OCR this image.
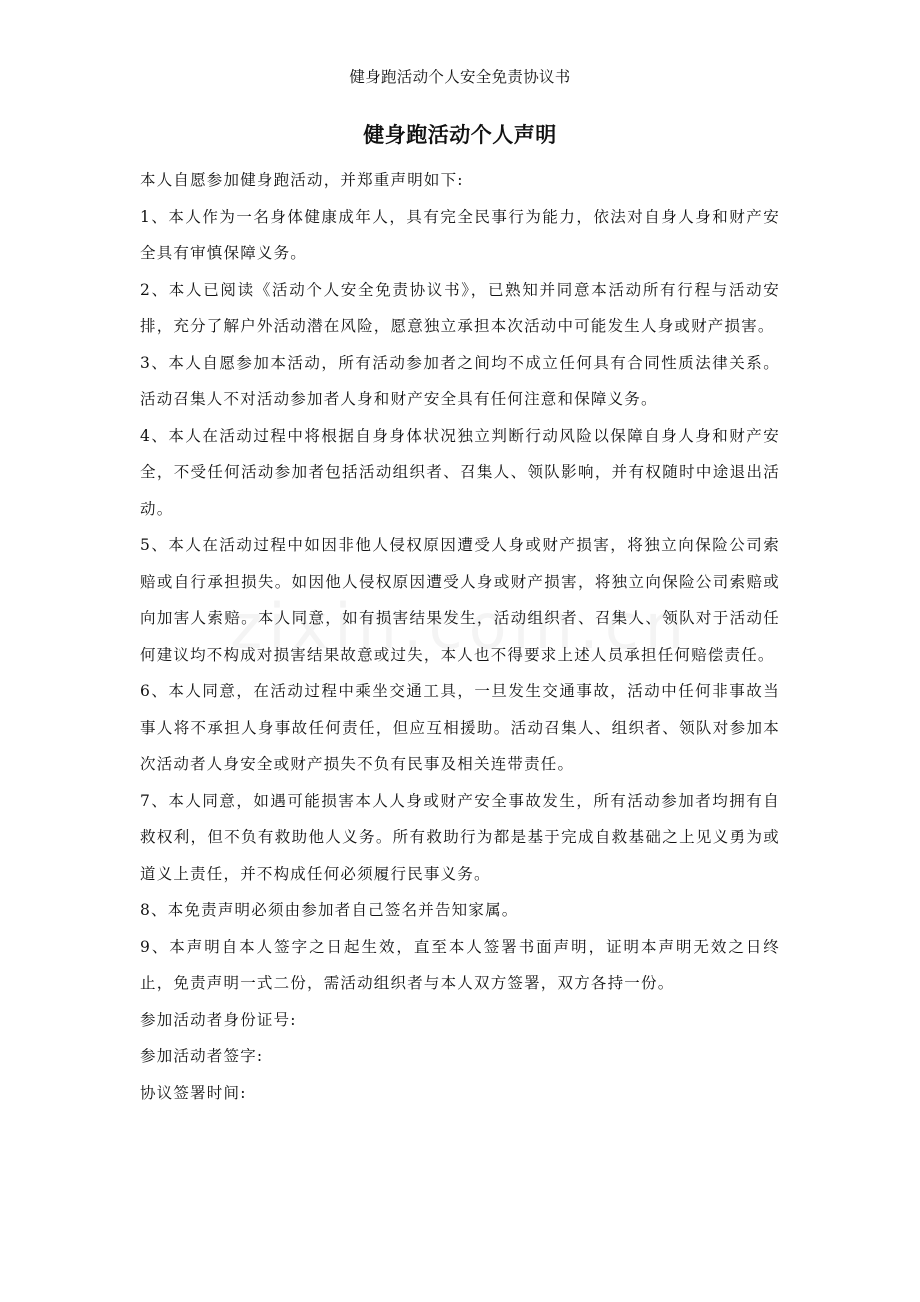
健身跑活动个人安全免责协议书
健身跑活动个人声明

本人自愿参加健身跑活动，并郑重声明如下:

1、本人作为一名身体健康成年人，具有完全民事行为能力，依法对自身人身和财产安全具有审慎保障义务。

2、本人已阅读《活动个人安全免责协议书》，已熟知并同意本活动所有行程与活动安排，充分了解户外活动潜在风险，愿意独立承担本次活动中可能发生人身或财产损害。

3、本人自愿参加本活动，所有活动参加者之间均不成立任何具有合同性质法律关系。活动召集人不对活动参加者人身和财产安全具有任何注意和保障义务。

4、本人在活动过程中将根据自身身体状况独立判断行动风险以保障自身人身和财产安全，不受任何活动参加者包括活动组织者、召集人、领队影响，并有权随时中途退出活动。

5、本人在活动过程中如因非他人侵权原因遭受人身或财产损害，将独立向保险公司索赔或自行承担损失。如因他人侵权原因遭受人身或财产损害，将独立向保险公司索赔或向加害人索赔。本人同意，如有损害结果发生，活动组织者、召集人、领队对于活动任何建议均不构成对损害结果故意或过失，本人也不得要求上述人员承担任何赔偿责任。

6、本人同意，在活动过程中乘坐交通工具，一旦发生交通事故，活动中任何非事故当事人将不承担人身事故任何责任，但应互相援助。活动召集人、组织者、领队对参加本次活动者人身安全或财产损失不负有民事及相关连带责任。

7、本人同意，如遇可能损害本人人身或财产安全事故发生，所有活动参加者均拥有自救权利，但不负有救助他人义务。所有救助行为都是基于完成自救基础之上见义勇为或道义上责任，并不构成任何必须履行民事义务。

8、本免责声明必须由参加者自己签名并告知家属。

9、本声明自本人签字之日起生效，直至本人签署书面声明，证明本声明无效之日终止，免责声明一式二份，需活动组织者与本人双方签署，双方各持一份。

参加活动者身份证号:

参加活动者签字:

协议签署时间:
